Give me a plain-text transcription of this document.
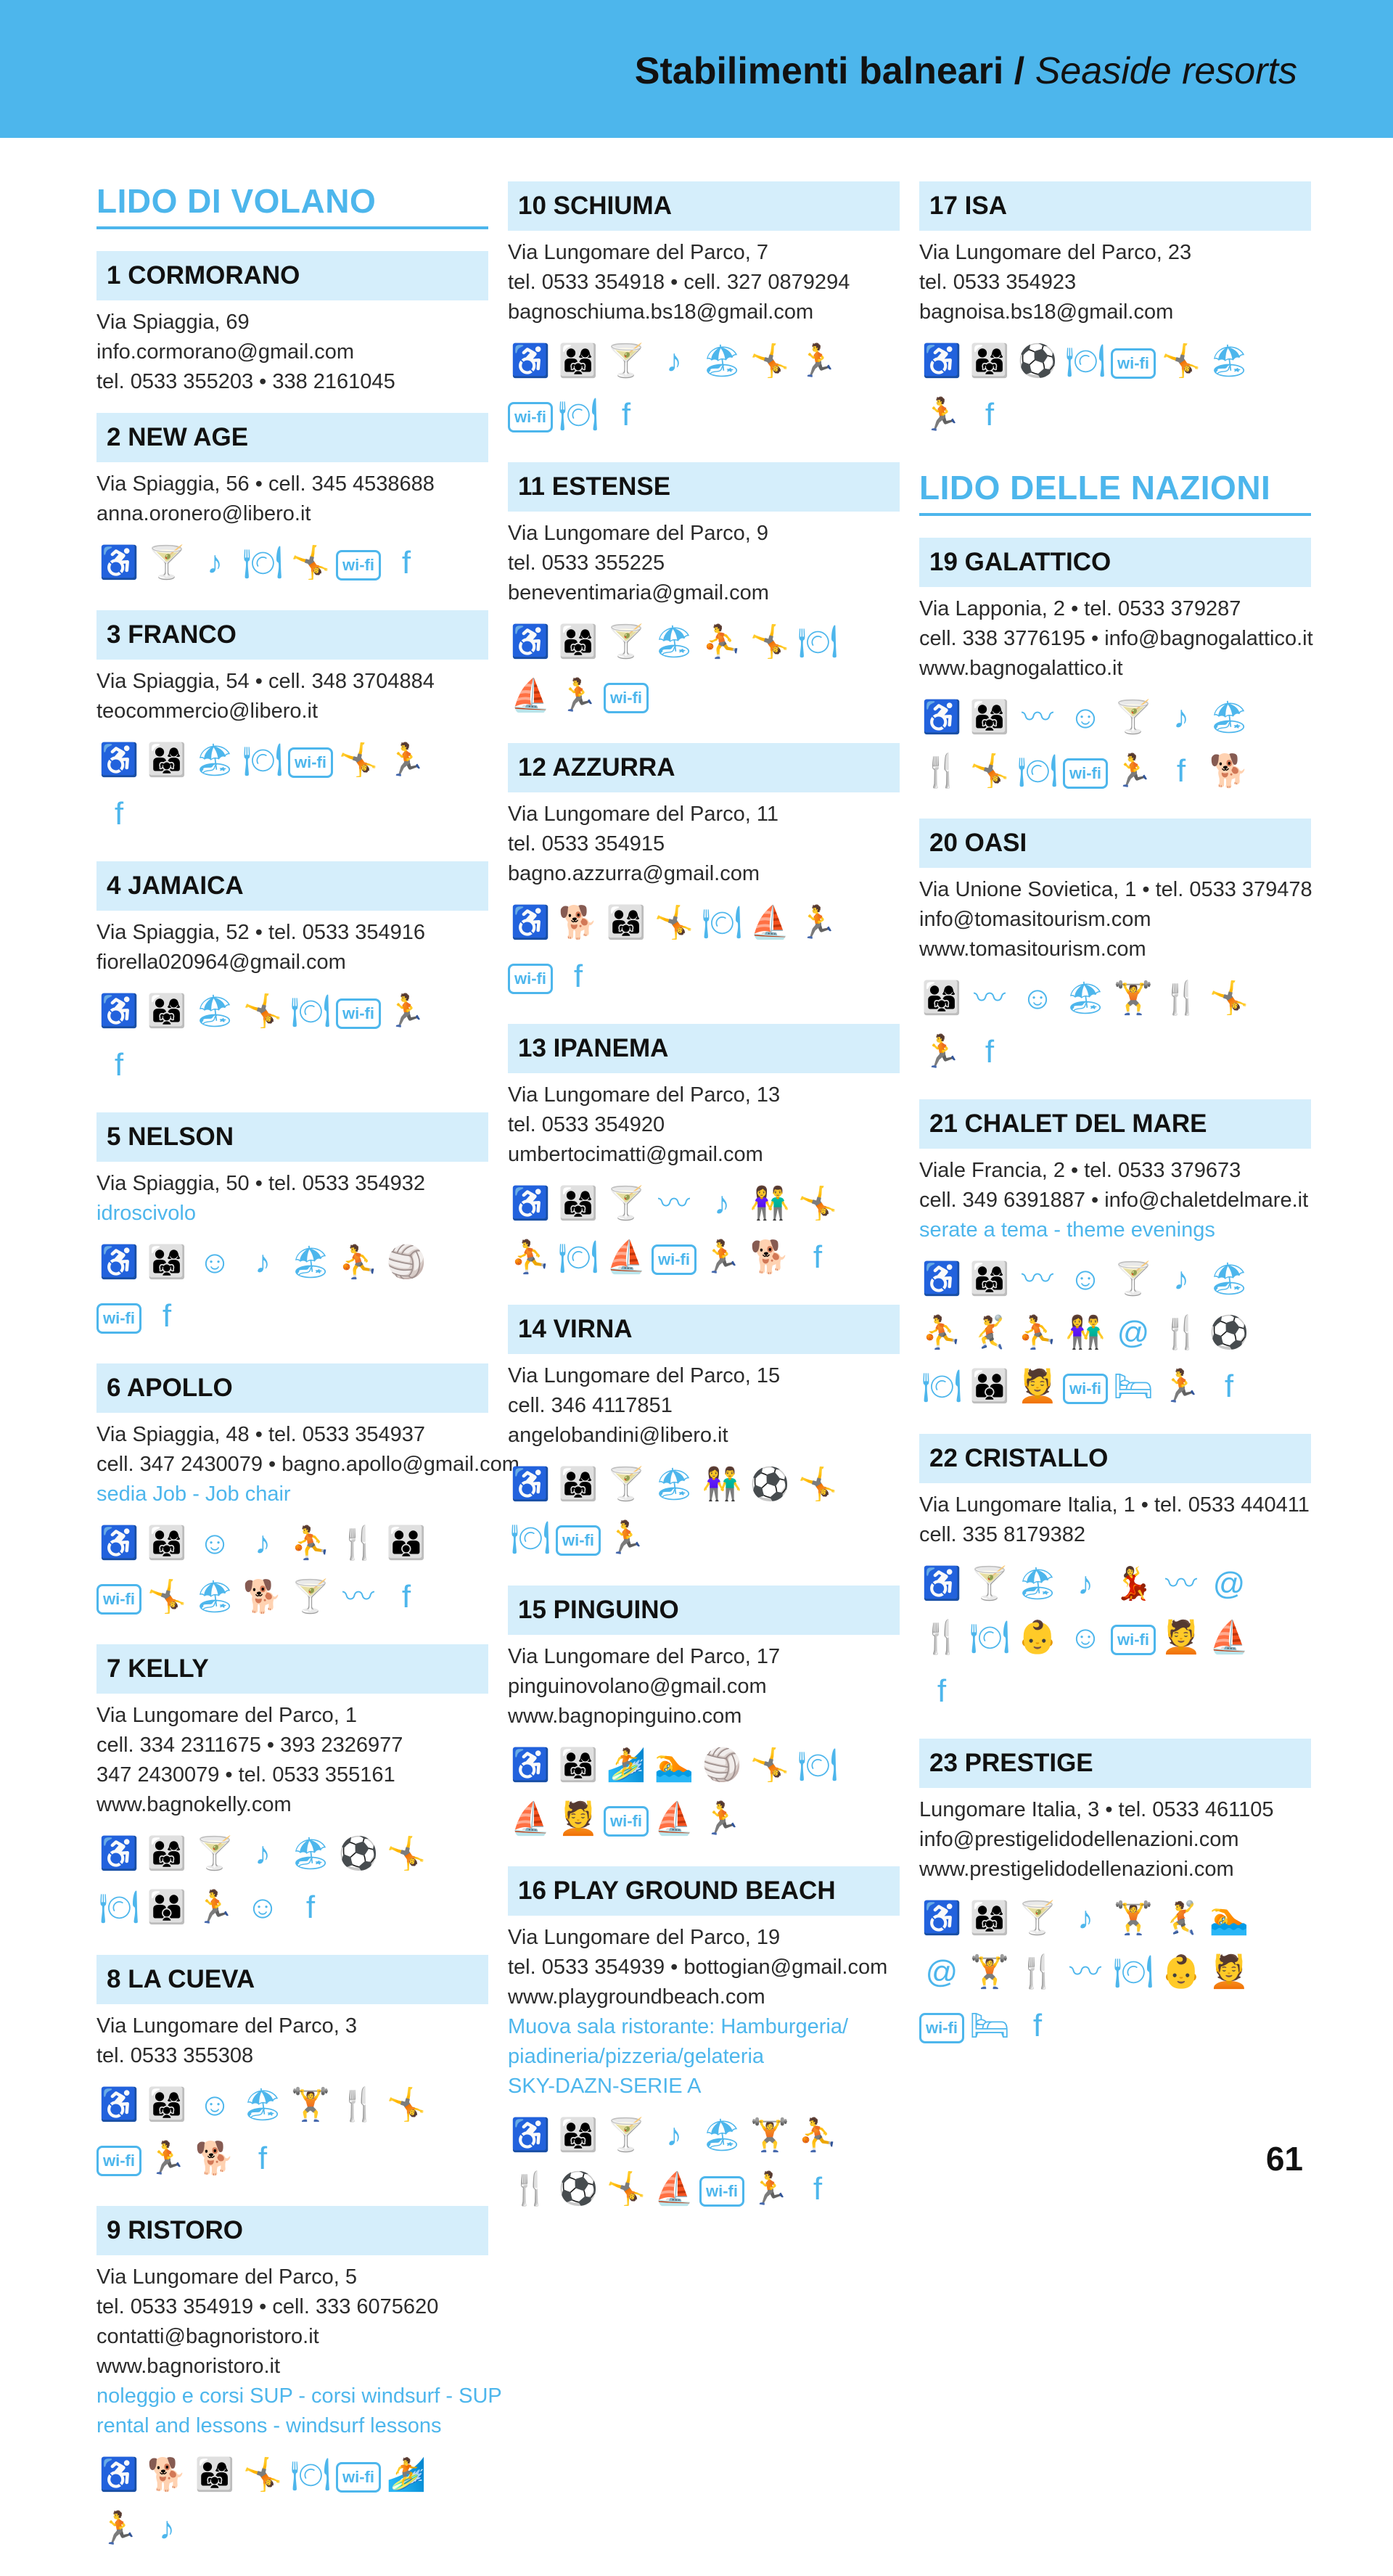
Stabilimenti balneari / Seaside resorts
LIDO DI VOLANO
1 CORMORANO
Via Spiaggia, 69
info.cormorano@gmail.com
tel. 0533 355203 • 338 2161045
2 NEW AGE
Via Spiaggia, 56 • cell. 345 4538688
anna.oronero@libero.it
♿ 🍸 ♪ 🍽 🤸 wi-fi f
3 FRANCO
Via Spiaggia, 54 • cell. 348 3704884
teocommercio@libero.it
♿ 👨‍👩‍👧 🏖 🍽 wi-fi 🤸 🏃
f
4 JAMAICA
Via Spiaggia, 52 • tel. 0533 354916
fiorella020964@gmail.com
♿ 👨‍👩‍👧 🏖 🤸 🍽 wi-fi 🏃
f
5 NELSON
Via Spiaggia, 50 • tel. 0533 354932
idroscivolo
♿ 👨‍👩‍👧 ☺ ♪ 🏖 ⛹ 🏐
wi-fi f
6 APOLLO
Via Spiaggia, 48 • tel. 0533 354937
cell. 347 2430079 • bagno.apollo@gmail.com
sedia Job - Job chair
♿ 👨‍👩‍👧 ☺ ♪ ⛹ 🍴 👪
wi-fi 🤸 🏖 🐕 🍸 〰 f
7 KELLY
Via Lungomare del Parco, 1
cell. 334 2311675 • 393 2326977
347 2430079 • tel. 0533 355161
www.bagnokelly.com
♿ 👨‍👩‍👧 🍸 ♪ 🏖 ⚽ 🤸
🍽 👪 🏃 ☺ f
8 LA CUEVA
Via Lungomare del Parco, 3
tel. 0533 355308
♿ 👨‍👩‍👧 ☺ 🏖 🏋 🍴 🤸
wi-fi 🏃 🐕 f
9 RISTORO
Via Lungomare del Parco, 5
tel. 0533 354919 • cell. 333 6075620
contatti@bagnoristoro.it
www.bagnoristoro.it
noleggio e corsi SUP - corsi windsurf - SUP
rental and lessons - windsurf lessons
♿ 🐕 👨‍👩‍👧 🤸 🍽 wi-fi 🏄
🏃 ♪
10 SCHIUMA
Via Lungomare del Parco, 7
tel. 0533 354918 • cell. 327 0879294
bagnoschiuma.bs18@gmail.com
♿ 👨‍👩‍👧 🍸 ♪ 🏖 🤸 🏃
wi-fi 🍽 f
11 ESTENSE
Via Lungomare del Parco, 9
tel. 0533 355225
beneventimaria@gmail.com
♿ 👨‍👩‍👧 🍸 🏖 ⛹ 🤸 🍽
⛵ 🏃 wi-fi
12 AZZURRA
Via Lungomare del Parco, 11
tel. 0533 354915
bagno.azzurra@gmail.com
♿ 🐕 👨‍👩‍👧 🤸 🍽 ⛵ 🏃
wi-fi f
13 IPANEMA
Via Lungomare del Parco, 13
tel. 0533 354920
umbertocimatti@gmail.com
♿ 👨‍👩‍👧 🍸 〰 ♪ 👫 🤸
⛹ 🍽 ⛵ wi-fi 🏃 🐕 f
14 VIRNA
Via Lungomare del Parco, 15
cell. 346 4117851
angelobandini@libero.it
♿ 👨‍👩‍👧 🍸 🏖 👫 ⚽ 🤸
🍽 wi-fi 🏃
15 PINGUINO
Via Lungomare del Parco, 17
pinguinovolano@gmail.com
www.bagnopinguino.com
♿ 👨‍👩‍👧 🏄 🏊 🏐 🤸 🍽
⛵ 💆 wi-fi ⛵ 🏃
16 PLAY GROUND BEACH
Via Lungomare del Parco, 19
tel. 0533 354939 • bottogian@gmail.com
www.playgroundbeach.com
Muova sala ristorante: Hamburgeria/
piadineria/pizzeria/gelateria
SKY-DAZN-SERIE A
♿ 👨‍👩‍👧 🍸 ♪ 🏖 🏋 ⛹
🍴 ⚽ 🤸 ⛵ wi-fi 🏃 f
17 ISA
Via Lungomare del Parco, 23
tel. 0533 354923
bagnoisa.bs18@gmail.com
♿ 👨‍👩‍👧 ⚽ 🍽 wi-fi 🤸 🏖
🏃 f
LIDO DELLE NAZIONI
19 GALATTICO
Via Lapponia, 2 • tel. 0533 379287
cell. 338 3776195 • info@bagnogalattico.it
www.bagnogalattico.it
♿ 👨‍👩‍👧 〰 ☺ 🍸 ♪ 🏖
🍴 🤸 🍽 wi-fi 🏃 f 🐕
20 OASI
Via Unione Sovietica, 1 • tel. 0533 379478
info@tomasitourism.com
www.tomasitourism.com
👨‍👩‍👧 〰 ☺ 🏖 🏋 🍴 🤸
🏃 f
21 CHALET DEL MARE
Viale Francia, 2 • tel. 0533 379673
cell. 349 6391887 • info@chaletdelmare.it
serate a tema - theme evenings
♿ 👨‍👩‍👧 〰 ☺ 🍸 ♪ 🏖
⛹ 🤾 ⛹ 👫 @ 🍴 ⚽
🍽 👪 💆 wi-fi 🛏 🏃 f
22 CRISTALLO
Via Lungomare Italia, 1 • tel. 0533 440411
cell. 335 8179382
♿ 🍸 🏖 ♪ 💃 〰 @
🍴 🍽 👶 ☺ wi-fi 💆 ⛵
f
23 PRESTIGE
Lungomare Italia, 3 • tel. 0533 461105
info@prestigelidodellenazioni.com
www.prestigelidodellenazioni.com
♿ 👨‍👩‍👧 🍸 ♪ 🏋 🤾 🏊
@ 🏋 🍴 〰 🍽 👶 💆
wi-fi 🛏 f
61
